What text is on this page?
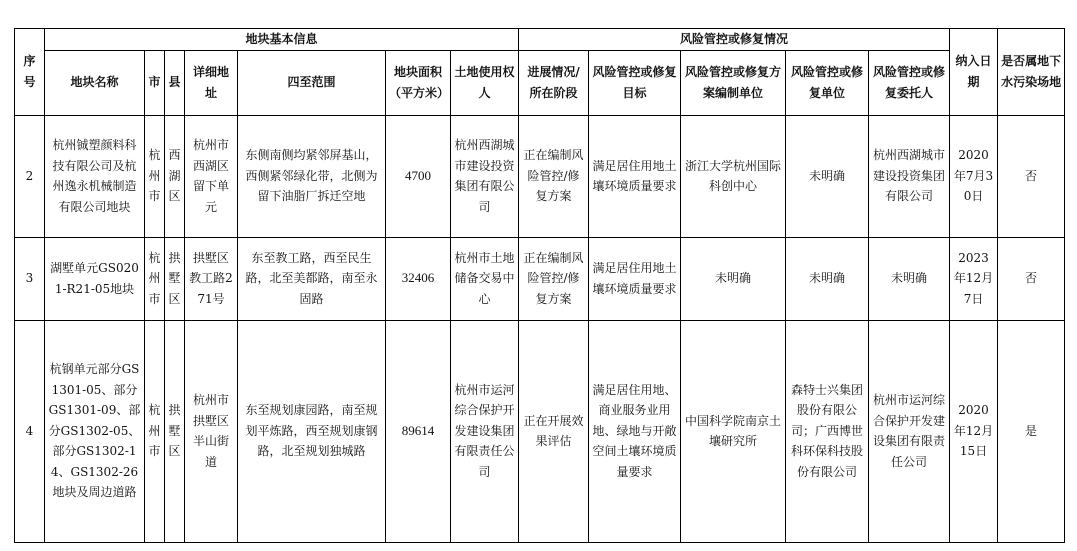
序号	地块基本信息							风险管控或修复情况					纳入日期	是否属地下水污染场地
	地块名称	市	县	详细地址	四至范围	地块面积（平方米）	土地使用权人	进展情况/所在阶段	风险管控或修复目标	风险管控或修复方案编制单位	风险管控或修复单位	风险管控或修复委托人		
2	杭州铖塑颜料科技有限公司及杭州逸永机械制造有限公司地块	杭州市	西湖区	杭州市西湖区留下单元	东侧南侧均紧邻屏基山，西侧紧邻绿化带，北侧为留下油脂厂拆迁空地	4700	杭州西湖城市建设投资集团有限公司	正在编制风险管控/修复方案	满足居住用地土壤环境质量要求	浙江大学杭州国际科创中心	未明确	杭州西湖城市建设投资集团有限公司	2020年7月30日	否
3	湖墅单元GS0201-R21-05地块	杭州市	拱墅区	拱墅区教工路271号	东至教工路，西至民生路，北至美都路，南至永固路	32406	杭州市土地储备交易中心	正在编制风险管控/修复方案	满足居住用地土壤环境质量要求	未明确	未明确	未明确	2023年12月7日	否
4	杭钢单元部分GS1301-05、部分GS1301-09、部分GS1302-05、部分GS1302-14、GS1302-26地块及周边道路	杭州市	拱墅区	杭州市拱墅区半山街道	东至规划康园路，南至规划平炼路，西至规划康钢路，北至规划独城路	89614	杭州市运河综合保护开发建设集团有限责任公司	正在开展效果评估	满足居住用地、商业服务业用地、绿地与开敞空间土壤环境质量要求	中国科学院南京土壤研究所	森特士兴集团股份有限公司；广西博世科环保科技股份有限公司	杭州市运河综合保护开发建设集团有限责任公司	2020年12月15日	是
